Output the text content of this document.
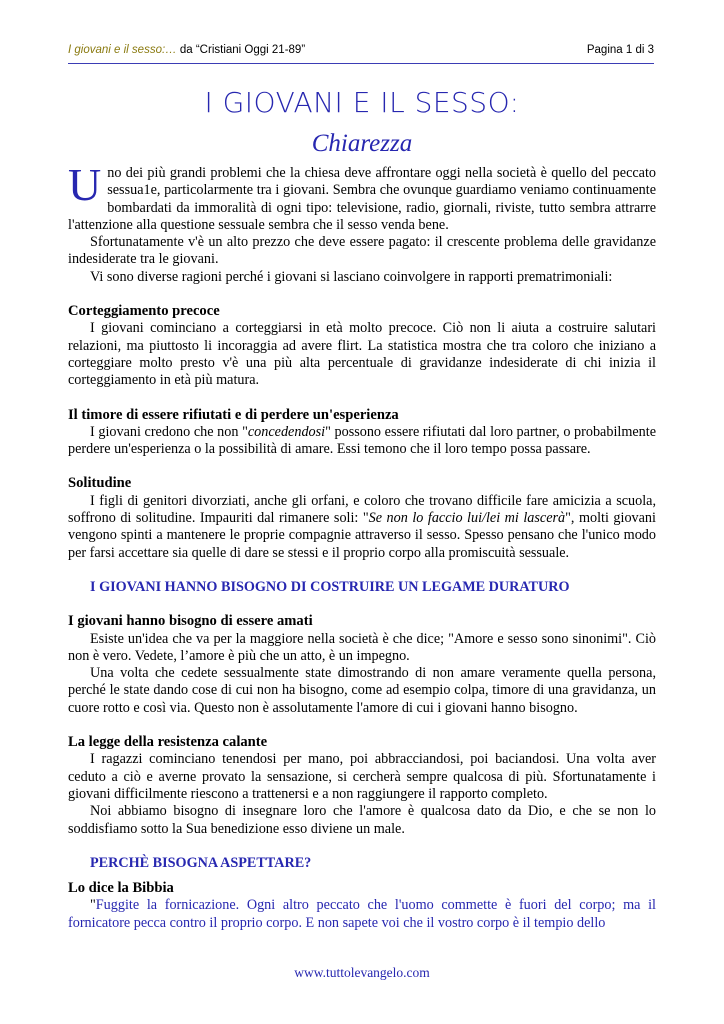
I giovani e il sesso:… da “Cristiani Oggi 21-89”	Pagina 1 di 3
I GIOVANI E IL SESSO:
Chiarezza

Uno dei più grandi problemi che la chiesa deve affrontare oggi nella società è quello del peccato sessua1e, particolarmente tra i giovani. Sembra che ovunque guardiamo veniamo continuamente bombardati da immoralità di ogni tipo: televisione, radio, giornali, riviste, tutto sembra attrarre l'attenzione alla questione sessuale sembra che il sesso venda bene.

Sfortunatamente v'è un alto prezzo che deve essere pagato: il crescente problema delle gravidanze indesiderate tra le giovani.

Vi sono diverse ragioni perché i giovani si lasciano coinvolgere in rapporti prematrimoniali:

Corteggiamento precoce

I giovani cominciano a corteggiarsi in età molto precoce. Ciò non li aiuta a costruire salutari relazioni, ma piuttosto li incoraggia ad avere flirt. La statistica mostra che tra coloro che iniziano a corteggiare molto presto v'è una più alta percentuale di gravidanze indesiderate di chi inizia il corteggiamento in età più matura.

Il timore di essere rifiutati e di perdere un'esperienza

I giovani credono che non "concedendosi" possono essere rifiutati dal loro partner, o probabilmente perdere un'esperienza o la possibilità di amare. Essi temono che il loro tempo possa passare.

Solitudine

I figli di genitori divorziati, anche gli orfani, e coloro che trovano difficile fare amicizia a scuola, soffrono di solitudine. Impauriti dal rimanere soli: "Se non lo faccio lui/lei mi lascerà", molti giovani vengono spinti a mantenere le proprie compagnie attraverso il sesso. Spesso pensano che l'unico modo per farsi accettare sia quelle di dare se stessi e il proprio corpo alla promiscuità sessuale.

I GIOVANI HANNO BISOGNO DI COSTRUIRE UN LEGAME DURATURO

I giovani hanno bisogno di essere amati

Esiste un'idea che va per la maggiore nella società è che dice; "Amore e sesso sono sinonimi". Ciò non è vero. Vedete, l’amore è più che un atto, è un impegno.

Una volta che cedete sessualmente state dimostrando di non amare veramente quella persona, perché le state dando cose di cui non ha bisogno, come ad esempio colpa, timore di una gravidanza, un cuore rotto e così via. Questo non è assolutamente l'amore di cui i giovani hanno bisogno.

La legge della resistenza calante

I ragazzi cominciano tenendosi per mano, poi abbracciandosi, poi baciandosi. Una volta aver ceduto a ciò e averne provato la sensazione, si cercherà sempre qualcosa di più. Sfortunatamente i giovani difficilmente riescono a trattenersi e a non raggiungere il rapporto completo.

Noi abbiamo bisogno di insegnare loro che l'amore è qualcosa dato da Dio, e che se non lo soddisfiamo sotto la Sua benedizione esso diviene un male.

PERCHÈ BISOGNA ASPETTARE?

Lo dice la Bibbia

"Fuggite la fornicazione. Ogni altro peccato che l'uomo commette è fuori del corpo; ma il fornicatore pecca contro il proprio corpo. E non sapete voi che il vostro corpo è il tempio dello

www.tuttolevangelo.com
